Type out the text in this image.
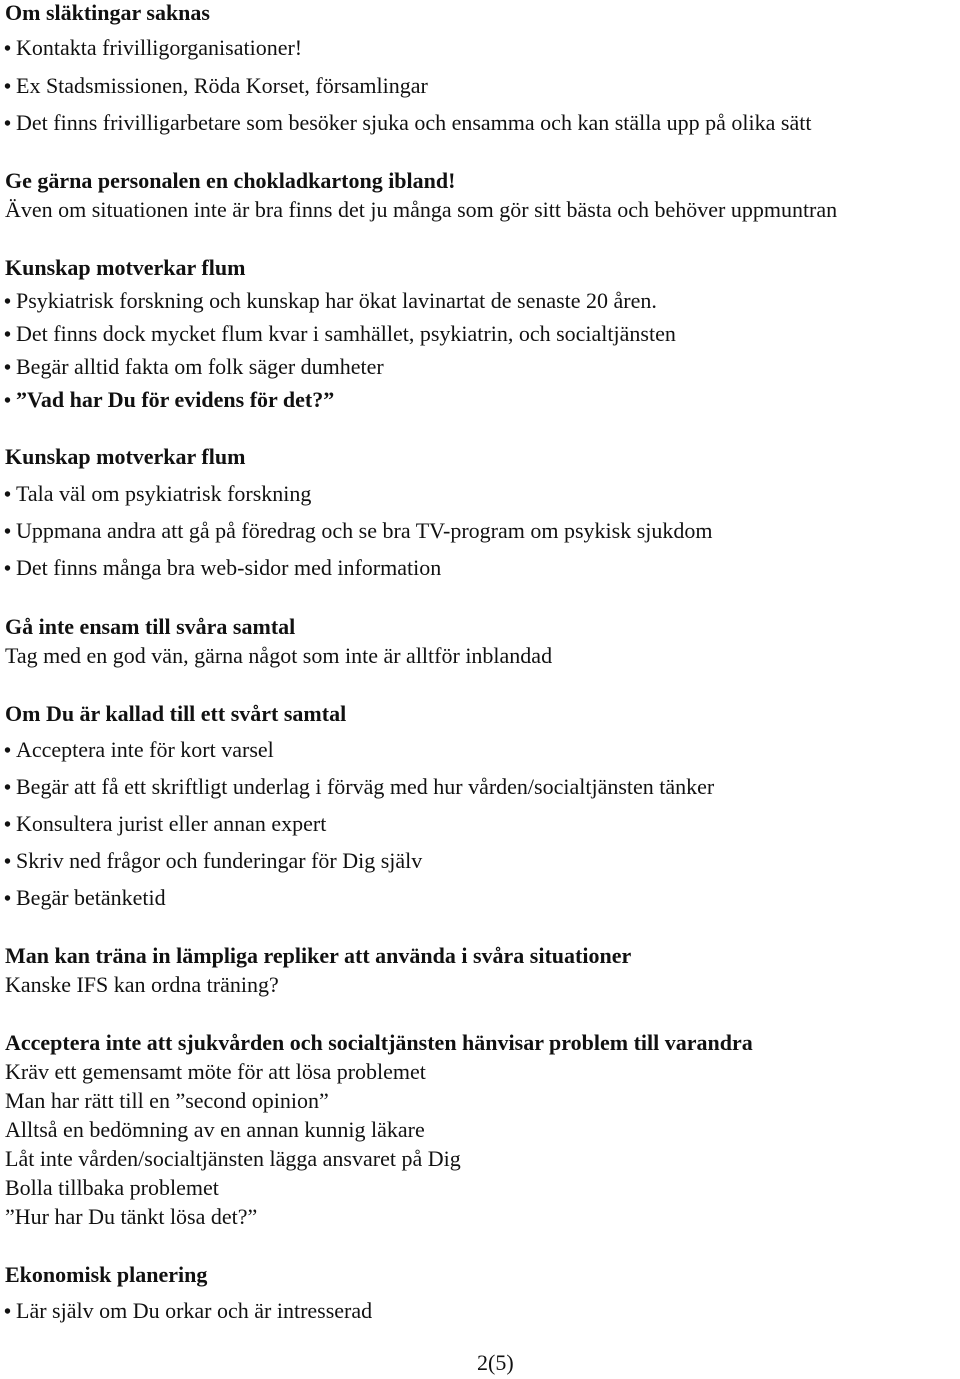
Om släktingar saknas
• Kontakta frivilligorganisationer!
• Ex Stadsmissionen, Röda Korset, församlingar
• Det finns frivilligarbetare som besöker sjuka och ensamma och kan ställa upp på olika sätt
Ge gärna personalen en chokladkartong ibland!
Även om situationen inte är bra finns det ju många som gör sitt bästa och behöver uppmuntran
Kunskap motverkar flum
• Psykiatrisk forskning och kunskap har ökat lavinartat de senaste 20 åren.
• Det finns dock mycket flum kvar i samhället, psykiatrin, och socialtjänsten
• Begär alltid fakta om folk säger dumheter
• ”Vad har Du för evidens för det?”
Kunskap motverkar flum
• Tala väl om psykiatrisk forskning
• Uppmana andra att gå på föredrag och se bra TV-program om psykisk sjukdom
• Det finns många bra web-sidor med information
Gå inte ensam till svåra samtal
Tag med en god vän, gärna något som inte är alltför inblandad
Om Du är kallad till ett svårt samtal
• Acceptera inte för kort varsel
• Begär att få ett skriftligt underlag i förväg med hur vården/socialtjänsten tänker
• Konsultera jurist eller annan expert
• Skriv ned frågor och funderingar för Dig själv
• Begär betänketid
Man kan träna in lämpliga repliker att använda i svåra situationer
Kanske IFS kan ordna träning?
Acceptera inte att sjukvården och socialtjänsten hänvisar problem till varandra
Kräv ett gemensamt möte för att lösa problemet
Man har rätt till en ”second opinion”
Alltså en bedömning av en annan kunnig läkare
Låt inte vården/socialtjänsten lägga ansvaret på Dig
Bolla tillbaka problemet
”Hur har Du tänkt lösa det?”
Ekonomisk planering
• Lär själv om Du orkar och är intresserad
2(5)
